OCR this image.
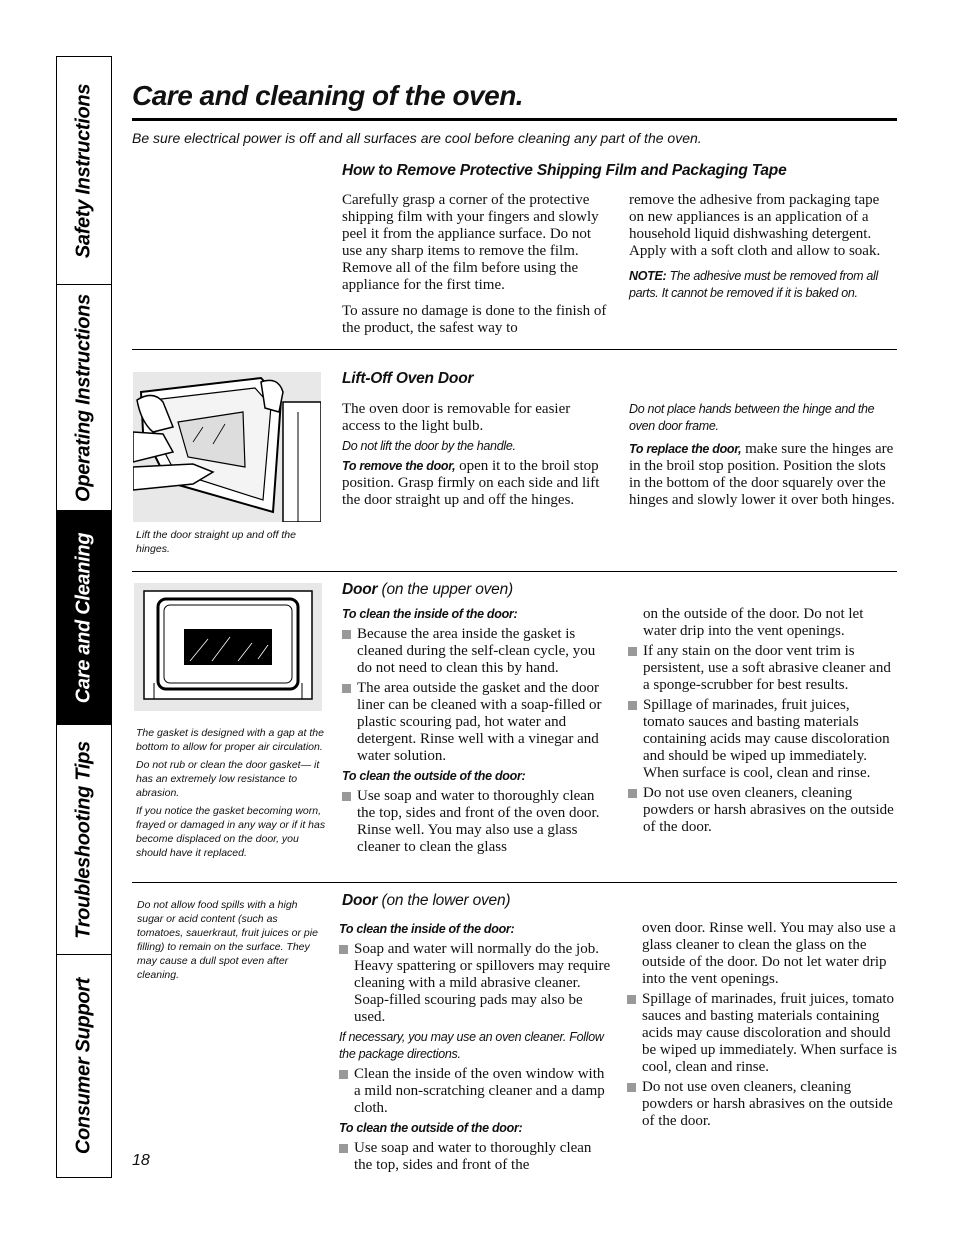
Safety Instructions
Operating Instructions
Care and Cleaning
Troubleshooting Tips
Consumer Support
Care and cleaning of the oven.
Be sure electrical power is off and all surfaces are cool before cleaning any part of the oven.
How to Remove Protective Shipping Film and Packaging Tape

Carefully grasp a corner of the protective shipping film with your fingers and slowly peel it from the appliance surface. Do not use any sharp items to remove the film. Remove all of the film before using the appliance for the first time.

To assure no damage is done to the finish of the product, the safest way to

remove the adhesive from packaging tape on new appliances is an application of a household liquid dishwashing detergent. Apply with a soft cloth and allow to soak.

NOTE: The adhesive must be removed from all parts. It cannot be removed if it is baked on.

Lift the door straight up and off the hinges.
Lift-Off Oven Door

The oven door is removable for easier access to the light bulb.

Do not lift the door by the handle.

To remove the door, open it to the broil stop position. Grasp firmly on each side and lift the door straight up and off the hinges.

Do not place hands between the hinge and the oven door frame.

To replace the door, make sure the hinges are in the broil stop position. Position the slots in the bottom of the door squarely over the hinges and slowly lower it over both hinges.

The gasket is designed with a gap at the bottom to allow for proper air circulation.

Do not rub or clean the door gasket— it has an extremely low resistance to abrasion.

If you notice the gasket becoming worn, frayed or damaged in any way or if it has become displaced on the door, you should have it replaced.

Door (on the upper oven)
To clean the inside of the door:
Because the area inside the gasket is cleaned during the self-clean cycle, you do not need to clean this by hand.
The area outside the gasket and the door liner can be cleaned with a soap-filled or plastic scouring pad, hot water and detergent. Rinse well with a vinegar and water solution.
To clean the outside of the door:
Use soap and water to thoroughly clean the top, sides and front of the oven door. Rinse well. You may also use a glass cleaner to clean the glass

on the outside of the door. Do not let water drip into the vent openings.

If any stain on the door vent trim is persistent, use a soft abrasive cleaner and a sponge-scrubber for best results.
Spillage of marinades, fruit juices, tomato sauces and basting materials containing acids may cause discoloration and should be wiped up immediately. When surface is cool, clean and rinse.
Do not use oven cleaners, cleaning powders or harsh abrasives on the outside of the door.
Do not allow food spills with a high sugar or acid content (such as tomatoes, sauerkraut, fruit juices or pie filling) to remain on the surface. They may cause a dull spot even after cleaning.
Door (on the lower oven)
To clean the inside of the door:
Soap and water will normally do the job. Heavy spattering or spillovers may require cleaning with a mild abrasive cleaner. Soap-filled scouring pads may also be used.

If necessary, you may use an oven cleaner. Follow the package directions.

Clean the inside of the oven window with a mild non-scratching cleaner and a damp cloth.
To clean the outside of the door:
Use soap and water to thoroughly clean the top, sides and front of the

oven door. Rinse well. You may also use a glass cleaner to clean the glass on the outside of the door. Do not let water drip into the vent openings.

Spillage of marinades, fruit juices, tomato sauces and basting materials containing acids may cause discoloration and should be wiped up immediately. When surface is cool, clean and rinse.
Do not use oven cleaners, cleaning powders or harsh abrasives on the outside of the door.
18
